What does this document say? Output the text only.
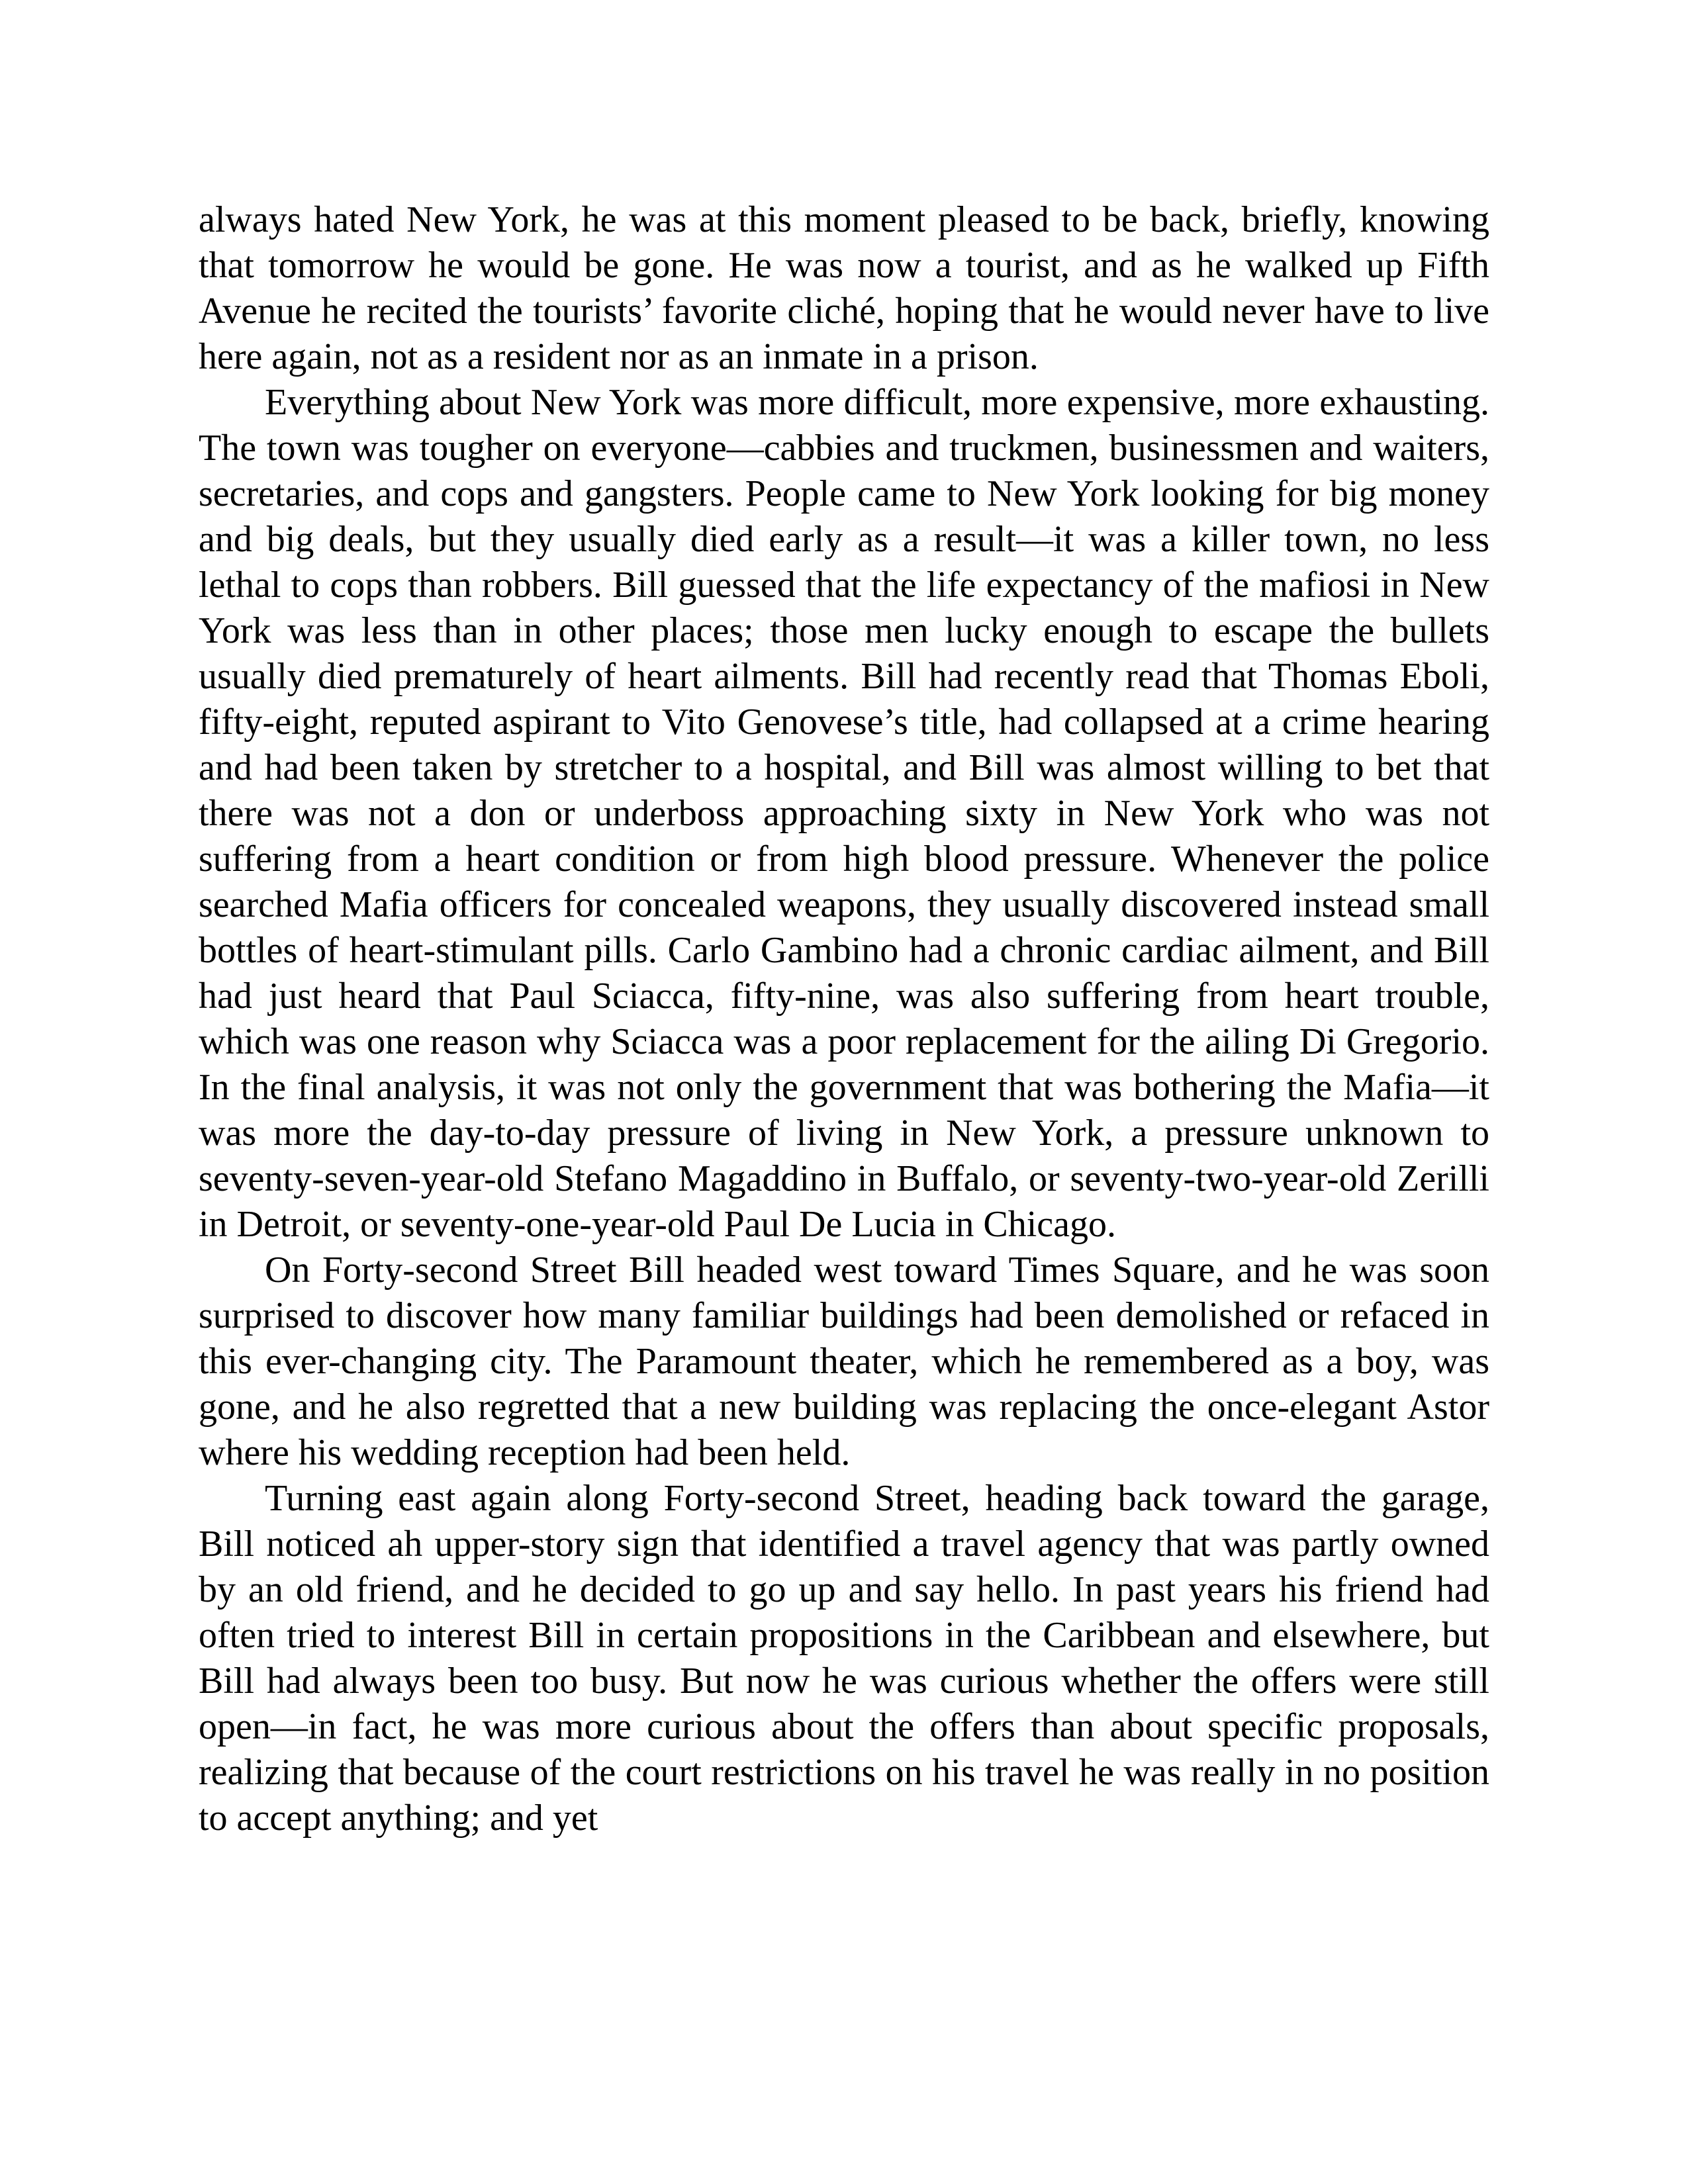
always hated New York, he was at this moment pleased to be back, briefly, knowing that tomorrow he would be gone. He was now a tourist, and as he walked up Fifth Avenue he recited the tourists’ favorite cliché, hoping that he would never have to live here again, not as a resident nor as an inmate in a prison.

Everything about New York was more difficult, more expensive, more exhausting. The town was tougher on everyone—cabbies and truckmen, businessmen and waiters, secretaries, and cops and gangsters. People came to New York looking for big money and big deals, but they usually died early as a result—it was a killer town, no less lethal to cops than robbers. Bill guessed that the life expectancy of the mafiosi in New York was less than in other places; those men lucky enough to escape the bullets usually died prematurely of heart ailments. Bill had recently read that Thomas Eboli, fifty-eight, reputed aspirant to Vito Genovese’s title, had collapsed at a crime hearing and had been taken by stretcher to a hospital, and Bill was almost willing to bet that there was not a don or underboss approaching sixty in New York who was not suffering from a heart condition or from high blood pressure. Whenever the police searched Mafia officers for concealed weapons, they usually discovered instead small bottles of heart-stimulant pills. Carlo Gambino had a chronic cardiac ailment, and Bill had just heard that Paul Sciacca, fifty-nine, was also suffering from heart trouble, which was one reason why Sciacca was a poor replacement for the ailing Di Gregorio. In the final analysis, it was not only the government that was bothering the Mafia—it was more the day-to-day pressure of living in New York, a pressure unknown to seventy-seven-year-old Stefano Magaddino in Buffalo, or seventy-two-year-old Zerilli in Detroit, or seventy-one-year-old Paul De Lucia in Chicago.

On Forty-second Street Bill headed west toward Times Square, and he was soon surprised to discover how many familiar buildings had been demolished or refaced in this ever-changing city. The Paramount theater, which he remembered as a boy, was gone, and he also regretted that a new building was replacing the once-elegant Astor where his wedding reception had been held.

Turning east again along Forty-second Street, heading back toward the garage, Bill noticed ah upper-story sign that identified a travel agency that was partly owned by an old friend, and he decided to go up and say hello. In past years his friend had often tried to interest Bill in certain propositions in the Caribbean and elsewhere, but Bill had always been too busy. But now he was curious whether the offers were still open—in fact, he was more curious about the offers than about specific proposals, realizing that because of the court restrictions on his travel he was really in no position to accept anything; and yet
